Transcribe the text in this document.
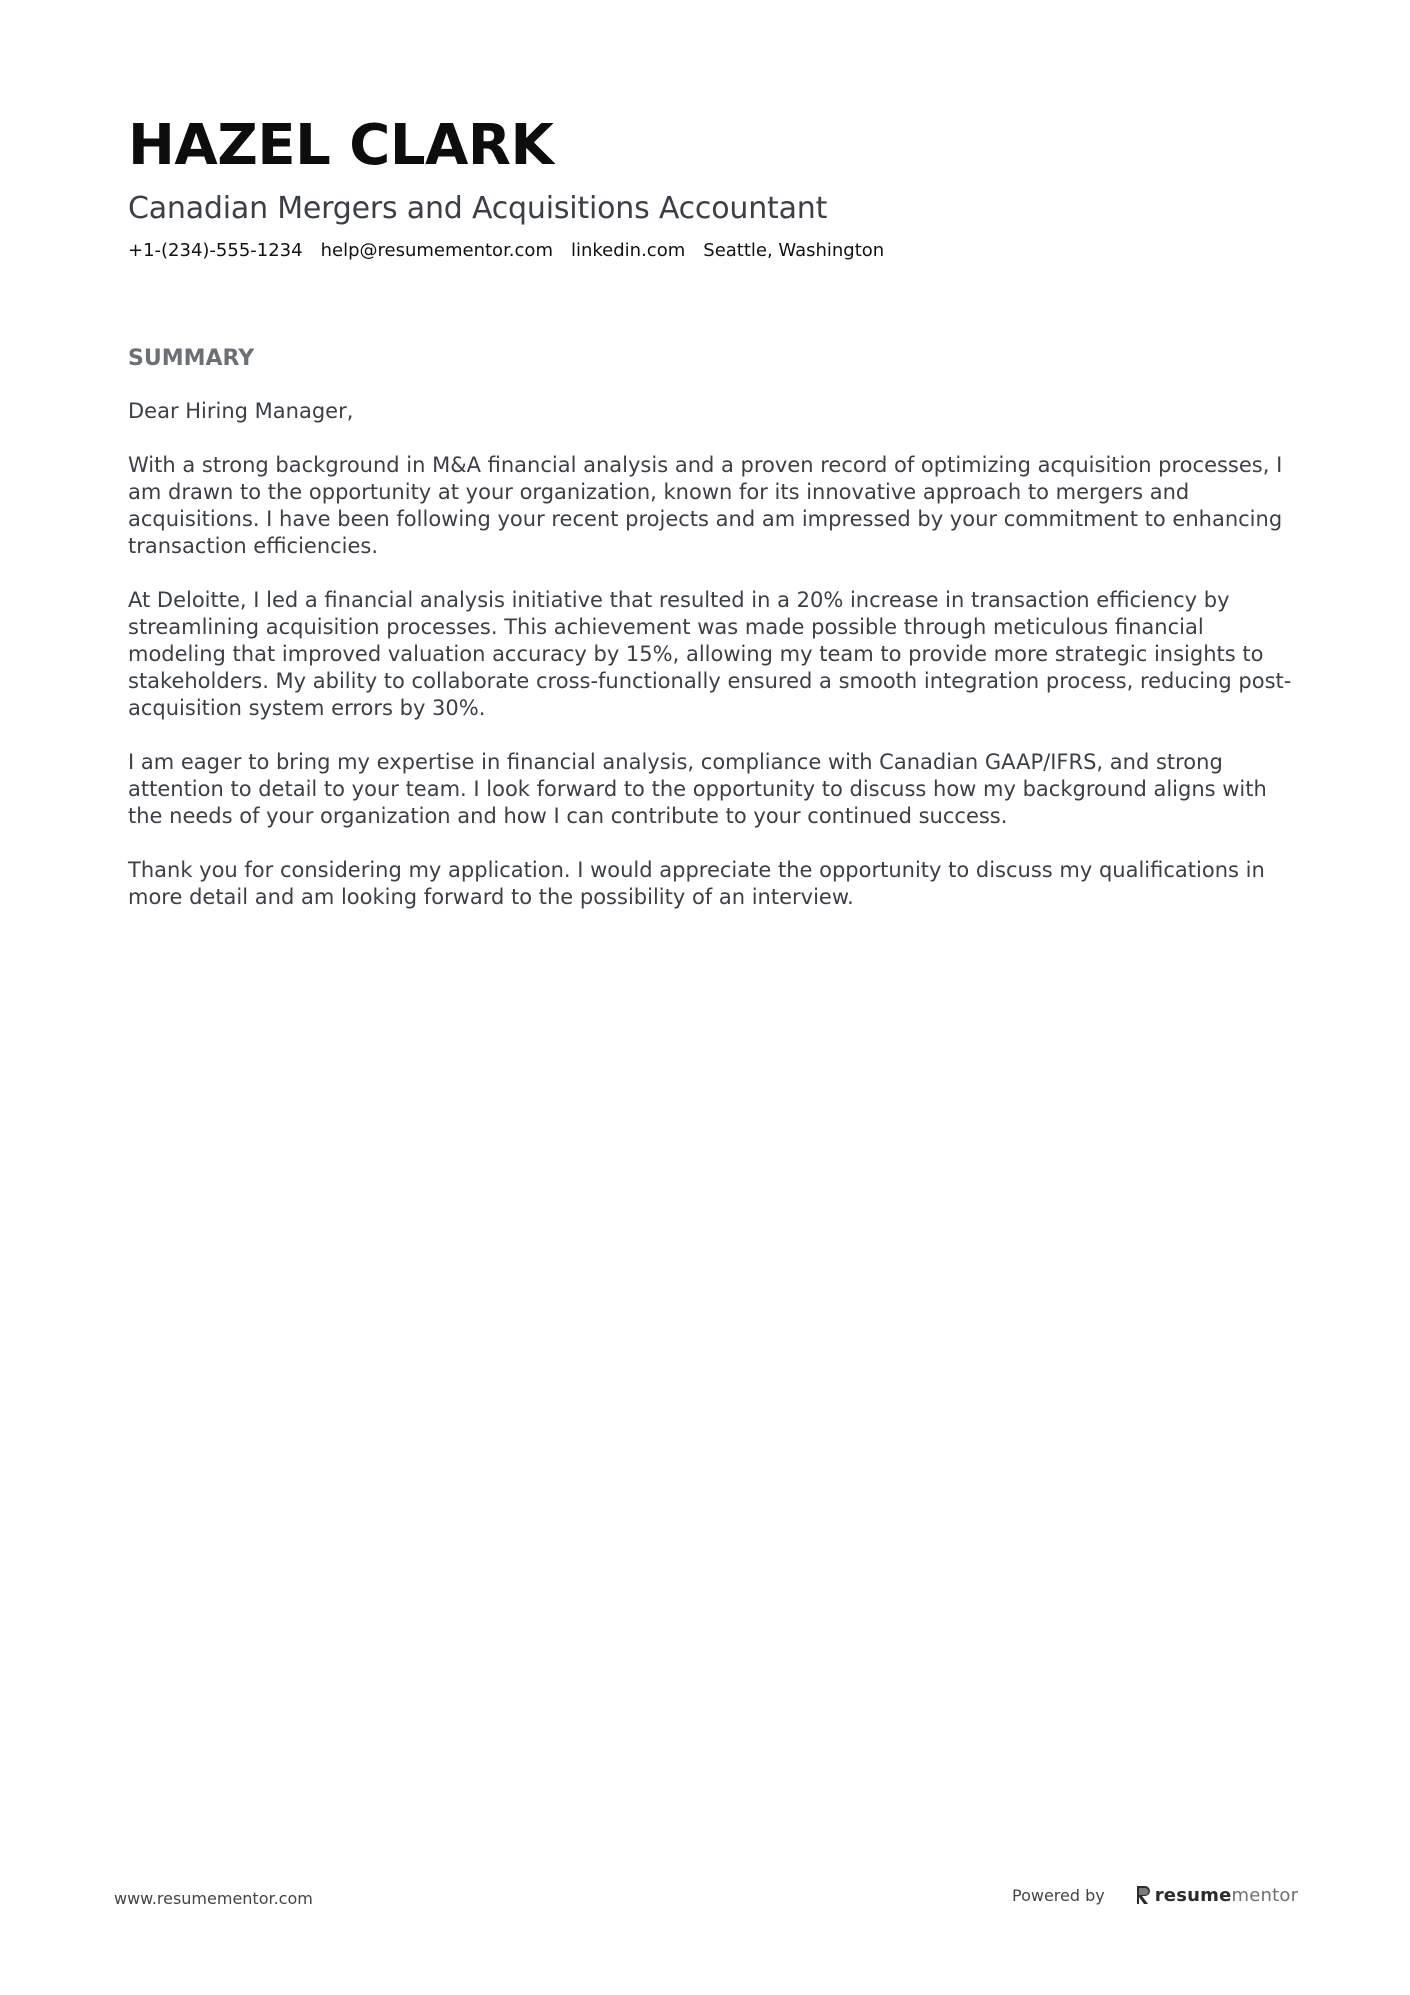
HAZEL CLARK
Canadian Mergers and Acquisitions Accountant
+1-(234)-555-1234 help@resumementor.com linkedin.com Seattle, Washington
SUMMARY

Dear Hiring Manager,

With a strong background in M&A financial analysis and a proven record of optimizing acquisition processes, I am drawn to the opportunity at your organization, known for its innovative approach to mergers and acquisitions. I have been following your recent projects and am impressed by your commitment to enhancing transaction efficiencies.

At Deloitte, I led a financial analysis initiative that resulted in a 20% increase in transaction efficiency by streamlining acquisition processes. This achievement was made possible through meticulous financial modeling that improved valuation accuracy by 15%, allowing my team to provide more strategic insights to stakeholders. My ability to collaborate cross-functionally ensured a smooth integration process, reducing post-acquisition system errors by 30%.

I am eager to bring my expertise in financial analysis, compliance with Canadian GAAP/IFRS, and strong attention to detail to your team. I look forward to the opportunity to discuss how my background aligns with the needs of your organization and how I can contribute to your continued success.

Thank you for considering my application. I would appreciate the opportunity to discuss my qualifications in more detail and am looking forward to the possibility of an interview.

www.resumementor.com	Powered by	resumementor
